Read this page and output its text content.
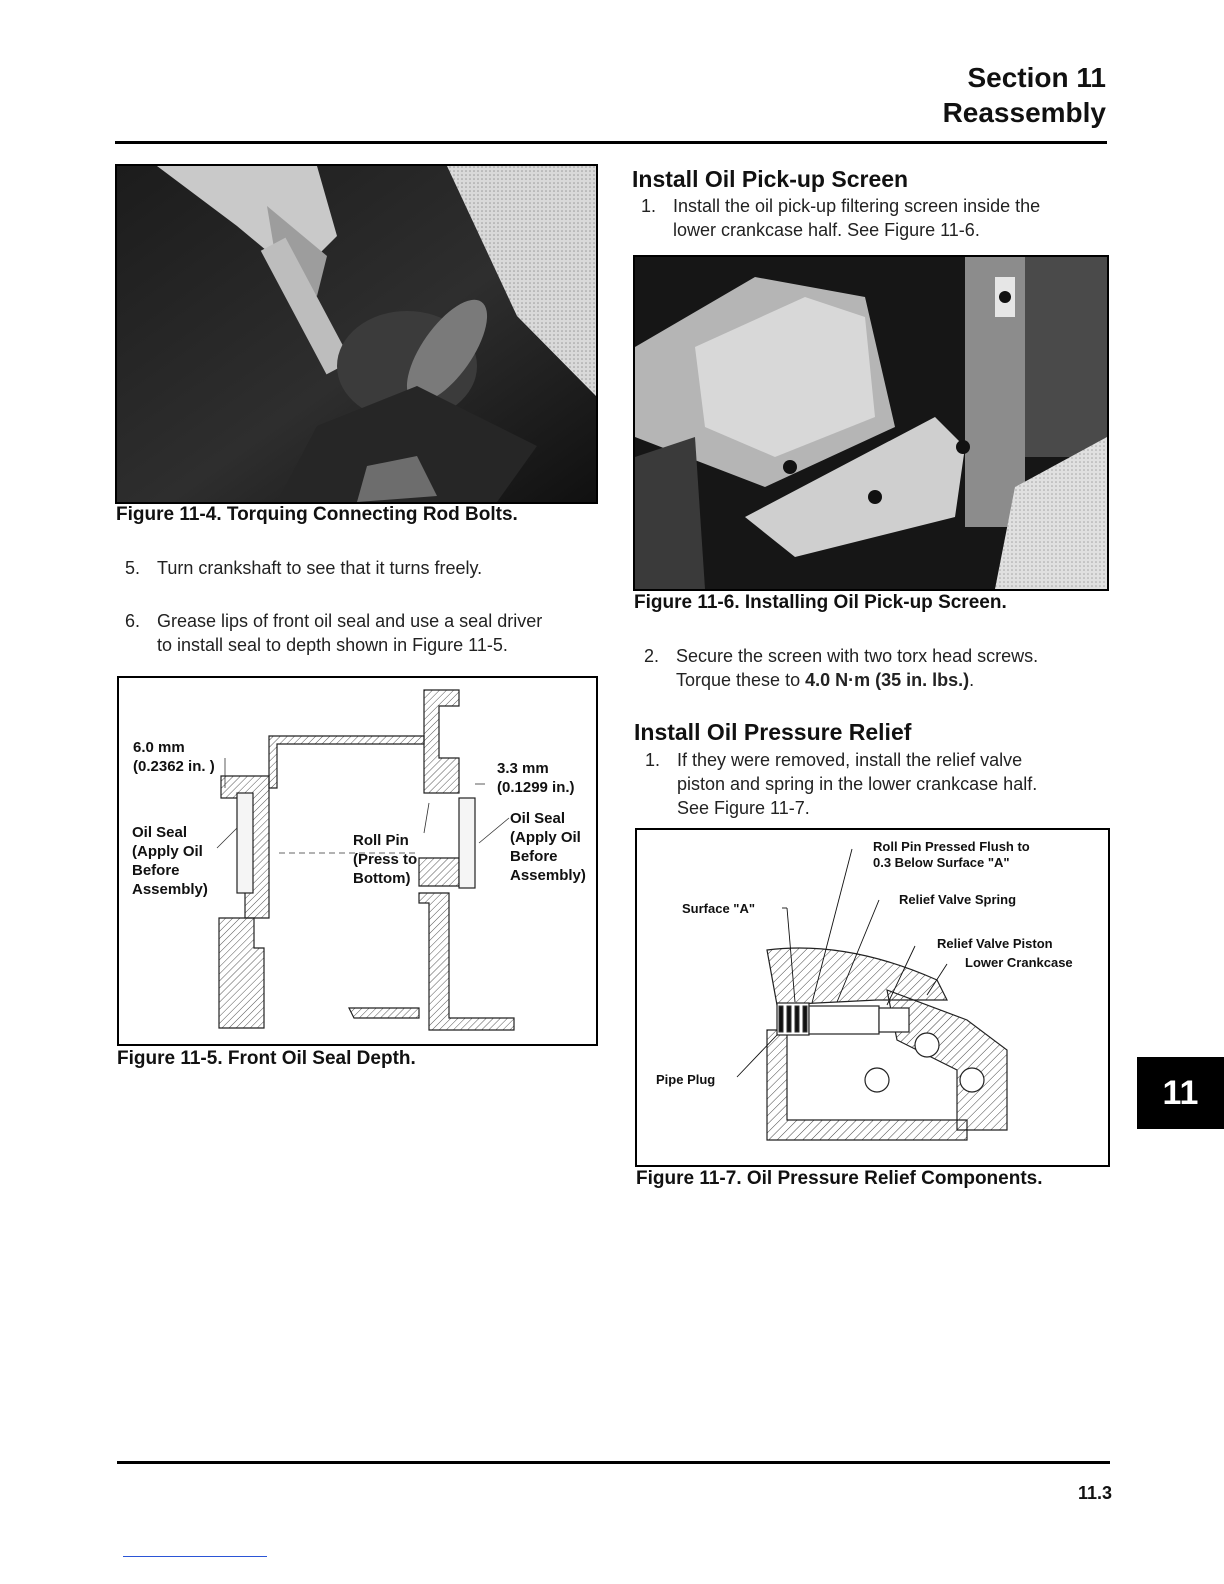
Section 11
Reassembly
Figure 11-4. Torquing Connecting Rod Bolts.
5. Turn crankshaft to see that it turns freely.
6. Grease lips of front oil seal and use a seal driver
to install seal to depth shown in Figure 11-5.
6.0 mm
(0.2362 in. )	3.3 mm
(0.1299 in.)
Oil Seal
(Apply Oil
Before
Assembly)
Roll Pin
(Press to
Bottom)
Oil Seal
(Apply Oil
Before
Assembly)
Figure 11-5. Front Oil Seal Depth.
Install Oil Pick-up Screen
1. Install the oil pick-up filtering screen inside the
lower crankcase half. See Figure 11-6.
Figure 11-6. Installing Oil Pick-up Screen.
2. Secure the screen with two torx head screws.
Torque these to 4.0 N·m (35 in. lbs.).
Install Oil Pressure Relief
1. If they were removed, install the relief valve
piston and spring in the lower crankcase half.
See Figure 11-7.
Roll Pin Pressed Flush to
0.3 Below Surface "A"
Relief Valve Spring
Surface "A"
Relief Valve Piston
Lower Crankcase
Pipe Plug
Figure 11-7. Oil Pressure Relief Components.
11
11.3
